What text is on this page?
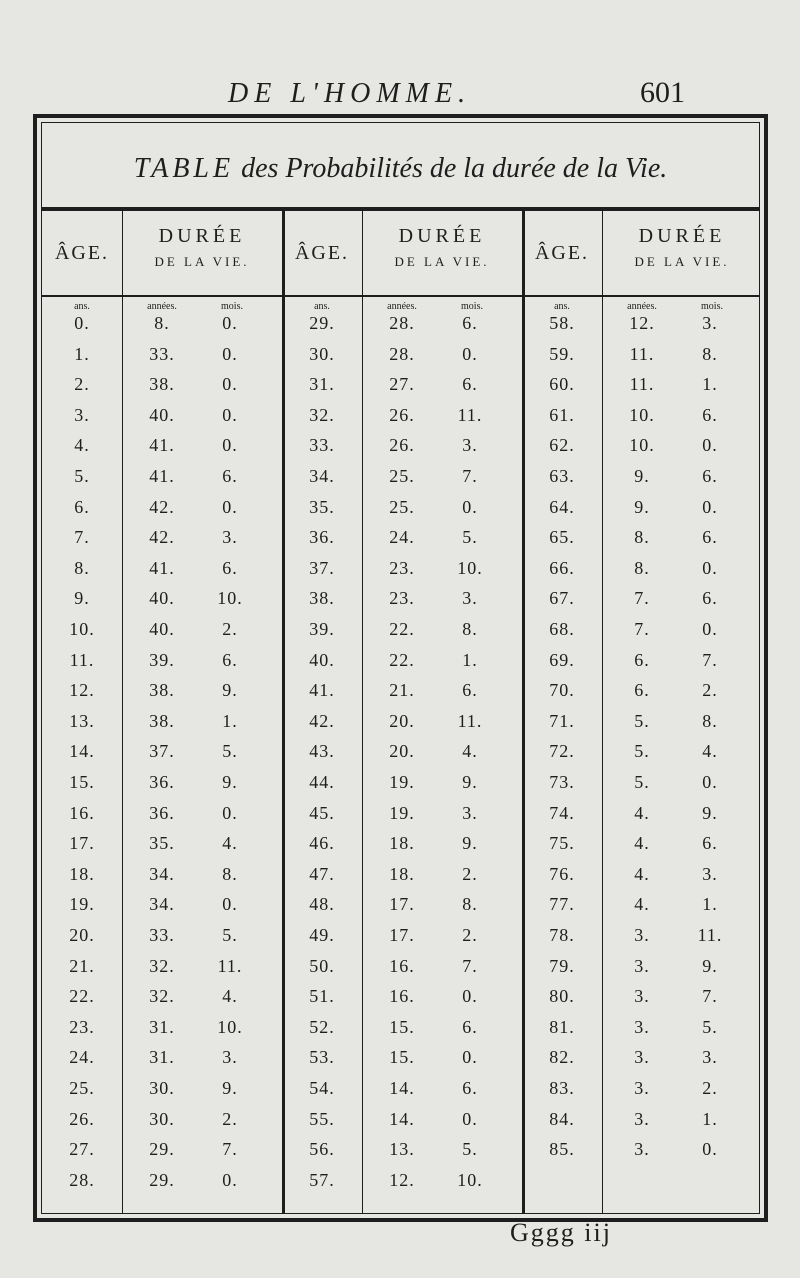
DE L'HOMME.	601
TABLE des Probabilités de la durée de la Vie.
ÂGE.
DURÉE
DE LA VIE.
ans.	années.	mois.
0.	8.	0.
1.	33.	0.
2.	38.	0.
3.	40.	0.
4.	41.	0.
5.	41.	6.
6.	42.	0.
7.	42.	3.
8.	41.	6.
9.	40.	10.
10.	40.	2.
11.	39.	6.
12.	38.	9.
13.	38.	1.
14.	37.	5.
15.	36.	9.
16.	36.	0.
17.	35.	4.
18.	34.	8.
19.	34.	0.
20.	33.	5.
21.	32.	11.
22.	32.	4.
23.	31.	10.
24.	31.	3.
25.	30.	9.
26.	30.	2.
27.	29.	7.
28.	29.	0.
ÂGE.
DURÉE
DE LA VIE.
ans.	années.	mois.
29.	28.	6.
30.	28.	0.
31.	27.	6.
32.	26.	11.
33.	26.	3.
34.	25.	7.
35.	25.	0.
36.	24.	5.
37.	23.	10.
38.	23.	3.
39.	22.	8.
40.	22.	1.
41.	21.	6.
42.	20.	11.
43.	20.	4.
44.	19.	9.
45.	19.	3.
46.	18.	9.
47.	18.	2.
48.	17.	8.
49.	17.	2.
50.	16.	7.
51.	16.	0.
52.	15.	6.
53.	15.	0.
54.	14.	6.
55.	14.	0.
56.	13.	5.
57.	12.	10.
ÂGE.
DURÉE
DE LA VIE.
ans.	années.	mois.
58.	12.	3.
59.	11.	8.
60.	11.	1.
61.	10.	6.
62.	10.	0.
63.	9.	6.
64.	9.	0.
65.	8.	6.
66.	8.	0.
67.	7.	6.
68.	7.	0.
69.	6.	7.
70.	6.	2.
71.	5.	8.
72.	5.	4.
73.	5.	0.
74.	4.	9.
75.	4.	6.
76.	4.	3.
77.	4.	1.
78.	3.	11.
79.	3.	9.
80.	3.	7.
81.	3.	5.
82.	3.	3.
83.	3.	2.
84.	3.	1.
85.	3.	0.
Gggg iij
